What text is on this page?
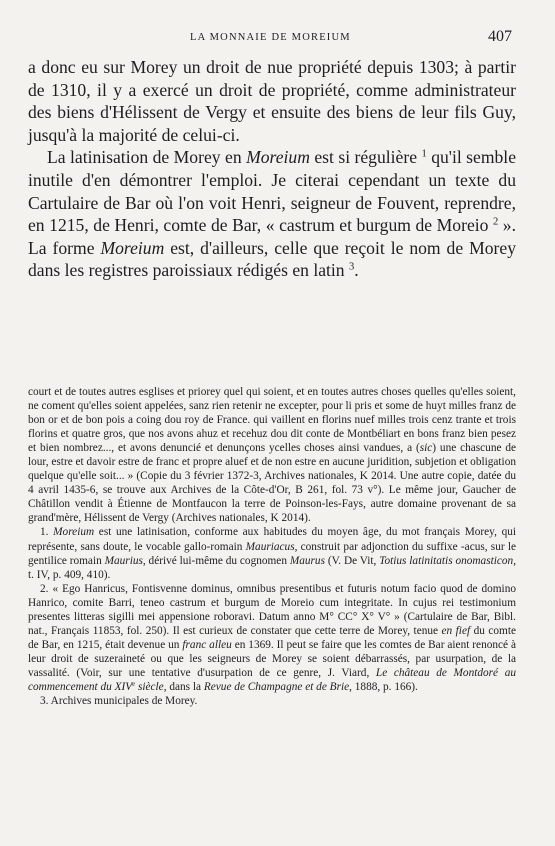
LA MONNAIE DE MOREIUM	407

a donc eu sur Morey un droit de nue propriété depuis 1303; à partir de 1310, il y a exercé un droit de propriété, comme administrateur des biens d'Hélissent de Vergy et ensuite des biens de leur fils Guy, jusqu'à la majorité de celui-ci.

La latinisation de Morey en Moreium est si régulière $^1$ qu'il semble inutile d'en démontrer l'emploi. Je citerai cependant un texte du Cartulaire de Bar où l'on voit Henri, seigneur de Fouvent, reprendre, en 1215, de Henri, comte de Bar, « castrum et burgum de Moreio $^2$ ». La forme Moreium est, d'ailleurs, celle que reçoit le nom de Morey dans les registres paroissiaux rédigés en latin $^3$.

court et de toutes autres esglises et priorey quel qui soient, et en toutes autres choses quelles qu'elles soient, ne coment qu'elles soient appelées, sanz rien retenir ne excepter, pour li pris et some de huyt milles franz de bon or et de bon pois a coing dou roy de France. qui vaillent en florins nuef milles trois cenz trante et trois florins et quatre gros, que nos avons ahuz et recehuz dou dit conte de Montbéliart en bons franz bien pesez et bien nombrez..., et avons denuncié et denunçons ycelles choses ainsi vandues, a (sic) une chascune de lour, estre et davoir estre de franc et propre aluef et de non estre en aucune juridition, subjetion et obligation quelque qu'elle soit... » (Copie du 3 février 1372-3, Archives nationales, K 2014. Une autre copie, datée du 4 avril 1435-6, se trouve aux Archives de la Côte-d'Or, B 261, fol. 73 v°). Le même jour, Gaucher de Châtillon vendit à Étienne de Montfaucon la terre de Poinson-les-Fays, autre domaine provenant de sa grand'mère, Hélissent de Vergy (Archives nationales, K 2014).

1. Moreium est une latinisation, conforme aux habitudes du moyen âge, du mot français Morey, qui représente, sans doute, le vocable gallo-romain Mauriacus, construit par adjonction du suffixe -acus, sur le gentilice romain Maurius, dérivé lui-même du cognomen Maurus (V. De Vit, Totius latinitatis onomasticon, t. IV, p. 409, 410).

2. « Ego Hanricus, Fontisvenne dominus, omnibus presentibus et futuris notum facio quod de domino Hanrico, comite Barri, teneo castrum et burgum de Moreio cum integritate. In cujus rei testimonium presentes litteras sigilli mei appensione roboravi. Datum anno M° CC° X° V° » (Cartulaire de Bar, Bibl. nat., Français 11853, fol. 250). Il est curieux de constater que cette terre de Morey, tenue en fief du comte de Bar, en 1215, était devenue un franc alleu en 1369. Il peut se faire que les comtes de Bar aient renoncé à leur droit de suzeraineté ou que les seigneurs de Morey se soient débarrassés, par usurpation, de la vassalité. (Voir, sur une tentative d'usurpation de ce genre, J. Viard, Le château de Montdoré au commencement du XIVe siècle, dans la Revue de Champagne et de Brie, 1888, p. 166).

3. Archives municipales de Morey.
